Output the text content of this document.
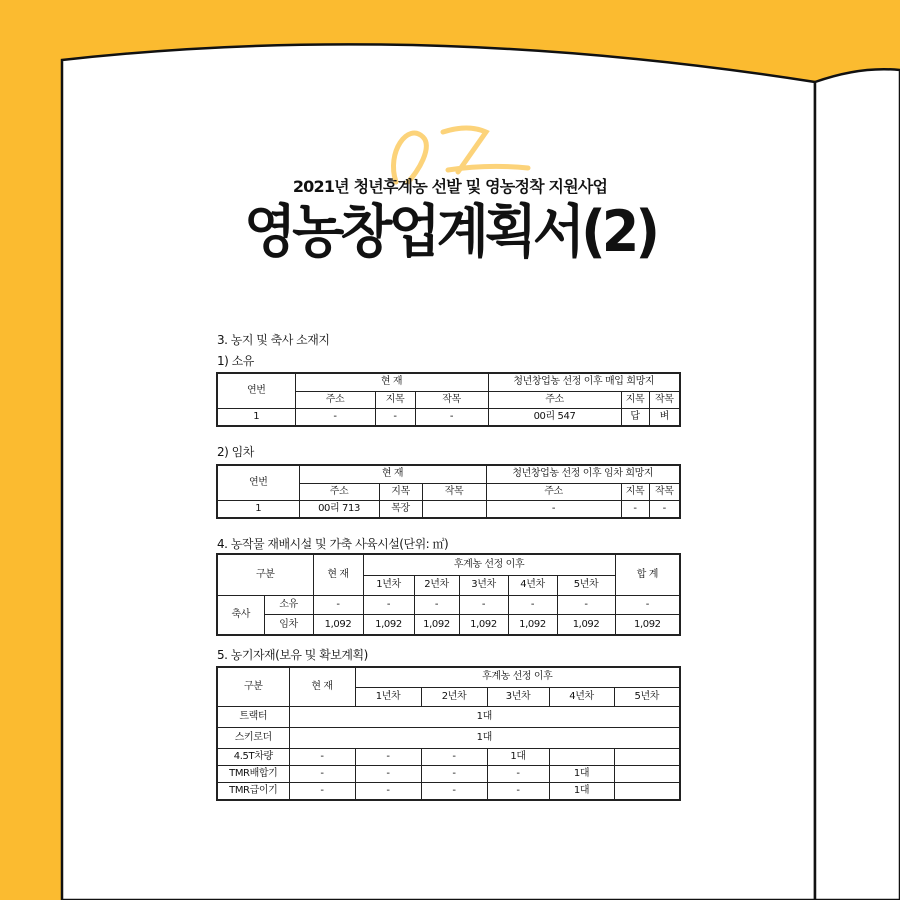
2021년 청년후계농 선발 및 영농정착 지원사업
영농창업계획서(2)
3. 농지 및 축사 소재지
1) 소유
연번	현 재			청년창업농 선정 이후 매입 희망지		
	주소	지목	작목	주소	지목	작목
1	-	-	-	00리 547	답	벼
2) 임차
연번	현 재			청년창업농 선정 이후 임차 희망지		
	주소	지목	작목	주소	지목	작목
1	00리 713	목장		-	-	-
4. 농작물 재배시설 및 가축 사육시설(단위: ㎡)
구분		현 재	후계농 선정 이후					합 계
			1년차	2년차	3년차	4년차	5년차	
축사	소유	-	-	-	-	-	-	-
	임차	1,092	1,092	1,092	1,092	1,092	1,092	1,092
5. 농기자재(보유 및 확보계획)
구분	현 재	후계농 선정 이후				
		1년차	2년차	3년차	4년차	5년차
트랙터	1대					
스키로더	1대					
4.5T차량	-	-	-	1대		
TMR배합기	-	-	-	-	1대	
TMR급이기	-	-	-	-	1대	
